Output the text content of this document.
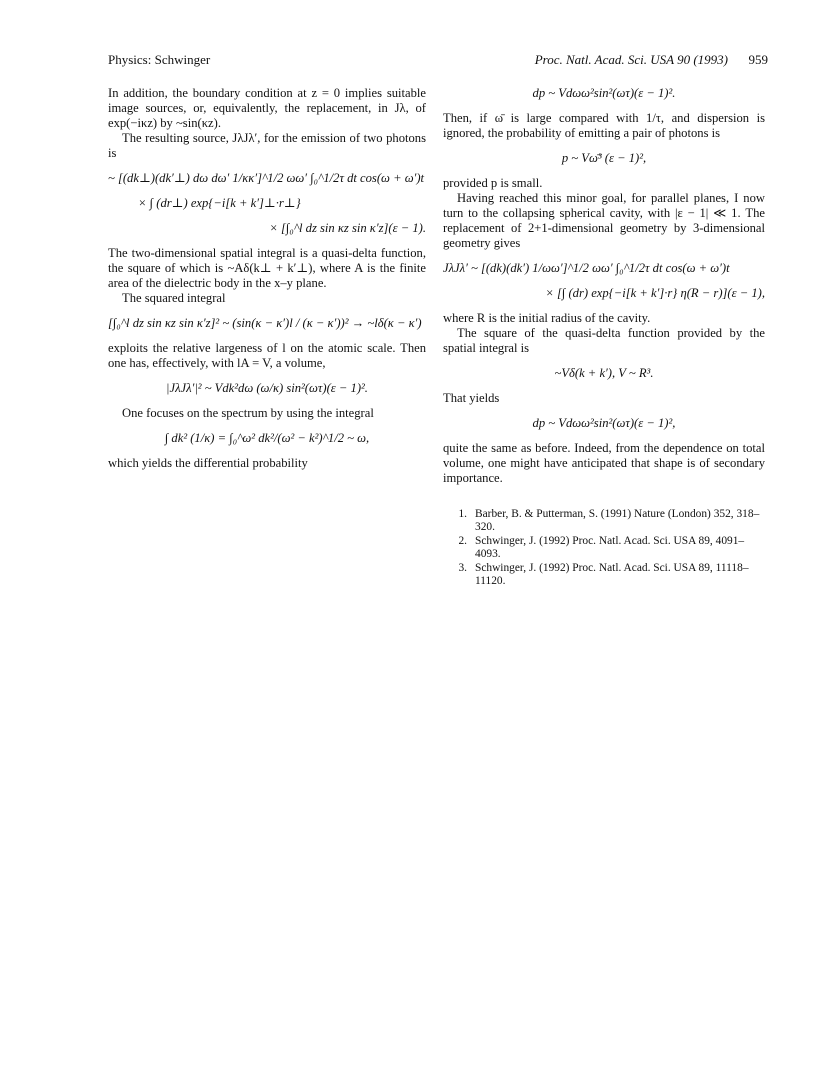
Physics: Schwinger	Proc. Natl. Acad. Sci. USA 90 (1993) 959

In addition, the boundary condition at z = 0 implies suitable image sources, or, equivalently, the replacement, in Jλ, of exp(−iκz) by ~sin(κz).

The resulting source, JλJλ′, for the emission of two photons is

~ [(dk⊥)(dk′⊥) dω dω′ 1/κκ′]^1/2 ωω′ ∫₀^1/2τ dt cos(ω + ω′)t
× ∫ (dr⊥) exp{−i[k + k′]⊥·r⊥}
× [∫₀^l dz sin κz sin κ′z](ε − 1).

The two-dimensional spatial integral is a quasi-delta function, the square of which is ~Aδ(k⊥ + k′⊥), where A is the finite area of the dielectric body in the x–y plane.

The squared integral

[∫₀^l dz sin κz sin κ′z]² ~ (sin(κ − κ′)l / (κ − κ′))² → ~lδ(κ − κ′)

exploits the relative largeness of l on the atomic scale. Then one has, effectively, with lA = V, a volume,

|JλJλ′|² ~ Vdk²dω (ω/κ) sin²(ωτ)(ε − 1)².

One focuses on the spectrum by using the integral

∫ dk² (1/κ) = ∫₀^ω² dk²/(ω² − k²)^1/2 ~ ω,

which yields the differential probability

dp ~ Vdωω²sin²(ωτ)(ε − 1)².

Then, if ω̄ is large compared with 1/τ, and dispersion is ignored, the probability of emitting a pair of photons is

p ~ Vω̄³ (ε − 1)²,

provided p is small.

Having reached this minor goal, for parallel planes, I now turn to the collapsing spherical cavity, with |ε − 1| ≪ 1. The replacement of 2+1-dimensional geometry by 3-dimensional geometry gives

JλJλ′ ~ [(dk)(dk′) 1/ωω′]^1/2 ωω′ ∫₀^1/2τ dt cos(ω + ω′)t
× [∫ (dr) exp{−i[k + k′]·r} η(R − r)](ε − 1),

where R is the initial radius of the cavity.

The square of the quasi-delta function provided by the spatial integral is

~Vδ(k + k′), V ~ R³.

That yields

dp ~ Vdωω²sin²(ωτ)(ε − 1)²,

quite the same as before. Indeed, from the dependence on total volume, one might have anticipated that shape is of secondary importance.

1. Barber, B. & Putterman, S. (1991) Nature (London) 352, 318–320.
2. Schwinger, J. (1992) Proc. Natl. Acad. Sci. USA 89, 4091–4093.
3. Schwinger, J. (1992) Proc. Natl. Acad. Sci. USA 89, 11118–11120.
